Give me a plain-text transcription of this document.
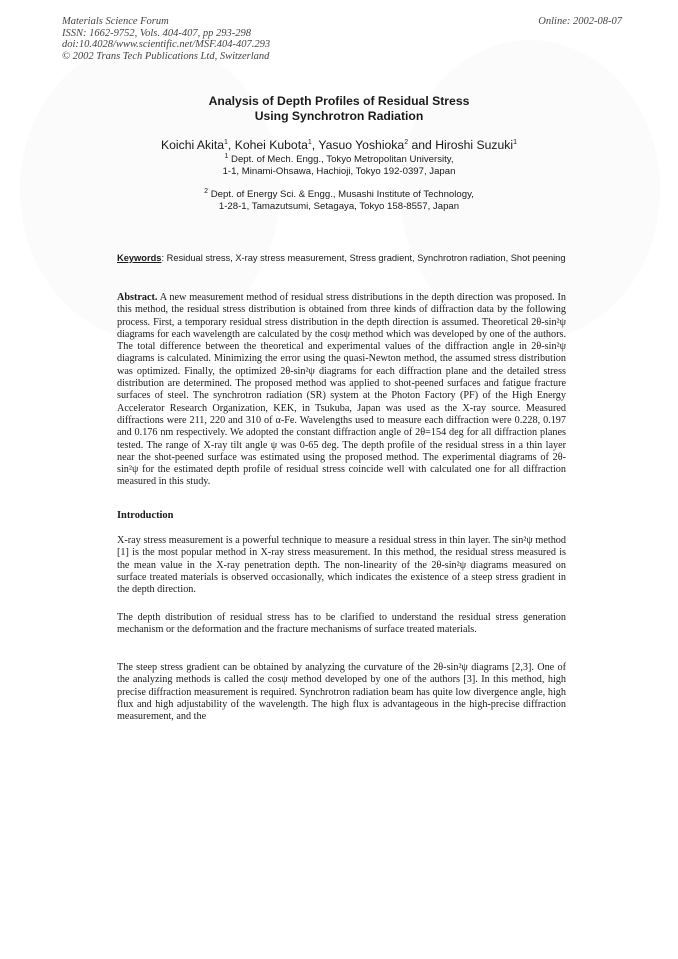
Materials Science Forum
ISSN: 1662-9752, Vols. 404-407, pp 293-298
doi:10.4028/www.scientific.net/MSF.404-407.293
© 2002 Trans Tech Publications Ltd, Switzerland
Online: 2002-08-07
Analysis of Depth Profiles of Residual Stress
Using Synchrotron Radiation
Koichi Akita$^1$, Kohei Kubota$^1$, Yasuo Yoshioka$^2$ and Hiroshi Suzuki$^1$
$^1$ Dept. of Mech. Engg., Tokyo Metropolitan University,
1-1, Minami-Ohsawa, Hachioji, Tokyo 192-0397, Japan
$^2$ Dept. of Energy Sci. & Engg., Musashi Institute of Technology,
1-28-1, Tamazutsumi, Setagaya, Tokyo 158-8557, Japan
Keywords: Residual stress, X-ray stress measurement, Stress gradient, Synchrotron radiation, Shot peening

Abstract. A new measurement method of residual stress distributions in the depth direction was proposed. In this method, the residual stress distribution is obtained from three kinds of diffraction data by the following process. First, a temporary residual stress distribution in the depth direction is assumed. Theoretical 2θ-sin²ψ diagrams for each wavelength are calculated by the cosψ method which was developed by one of the authors. The total difference between the theoretical and experimental values of the diffraction angle in 2θ-sin²ψ diagrams is calculated. Minimizing the error using the quasi-Newton method, the assumed stress distribution was optimized. Finally, the optimized 2θ-sin²ψ diagrams for each diffraction plane and the detailed stress distribution are determined. The proposed method was applied to shot-peened surfaces and fatigue fracture surfaces of steel. The synchrotron radiation (SR) system at the Photon Factory (PF) of the High Energy Accelerator Research Organization, KEK, in Tsukuba, Japan was used as the X-ray source. Measured diffractions were 211, 220 and 310 of α-Fe. Wavelengths used to measure each diffraction were 0.228, 0.197 and 0.176 nm respectively. We adopted the constant diffraction angle of 2θ=154 deg for all diffraction planes tested. The range of X-ray tilt angle ψ was 0-65 deg. The depth profile of the residual stress in a thin layer near the shot-peened surface was estimated using the proposed method. The experimental diagrams of 2θ-sin²ψ for the estimated depth profile of residual stress coincide well with calculated one for all diffraction measured in this study.

Introduction

X-ray stress measurement is a powerful technique to measure a residual stress in thin layer. The sin²ψ method [1] is the most popular method in X-ray stress measurement. In this method, the residual stress measured is the mean value in the X-ray penetration depth. The non-linearity of the 2θ-sin²ψ diagrams measured on surface treated materials is observed occasionally, which indicates the existence of a steep stress gradient in the depth direction.

The depth distribution of residual stress has to be clarified to understand the residual stress generation mechanism or the deformation and the fracture mechanisms of surface treated materials.

The steep stress gradient can be obtained by analyzing the curvature of the 2θ-sin²ψ diagrams [2,3]. One of the analyzing methods is called the cosψ method developed by one of the authors [3]. In this method, high precise diffraction measurement is required. Synchrotron radiation beam has quite low divergence angle, high flux and high adjustability of the wavelength. The high flux is advantageous in the high-precise diffraction measurement, and the
